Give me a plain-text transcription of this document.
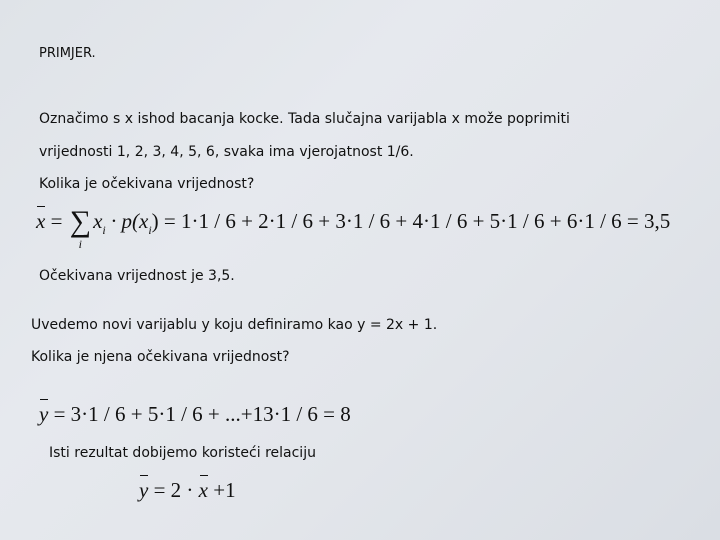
PRIMJER.
Označimo s x ishod bacanja kocke. Tada slučajna varijabla x može poprimiti
vrijednosti 1, 2, 3, 4, 5, 6, svaka ima vjerojatnost 1/6.
Kolika je očekivana vrijednost?
x = ∑
i
$x_i \cdot p(x_i) = 1\cdot 1 / 6 + 2\cdot 1 / 6 + 3\cdot 1 / 6 + 4\cdot 1 / 6 + 5\cdot 1 / 6 + 6\cdot 1 / 6 = 3,5$
Očekivana vrijednost je 3,5.
Uvedemo novi varijablu y koju definiramo kao y = 2x + 1.
Kolika je njena očekivana vrijednost?
y = 3·1 / 6 + 5·1 / 6 + ...+13·1 / 6 = 8
Isti rezultat dobijemo koristeći relaciju
y = 2 · x +1
